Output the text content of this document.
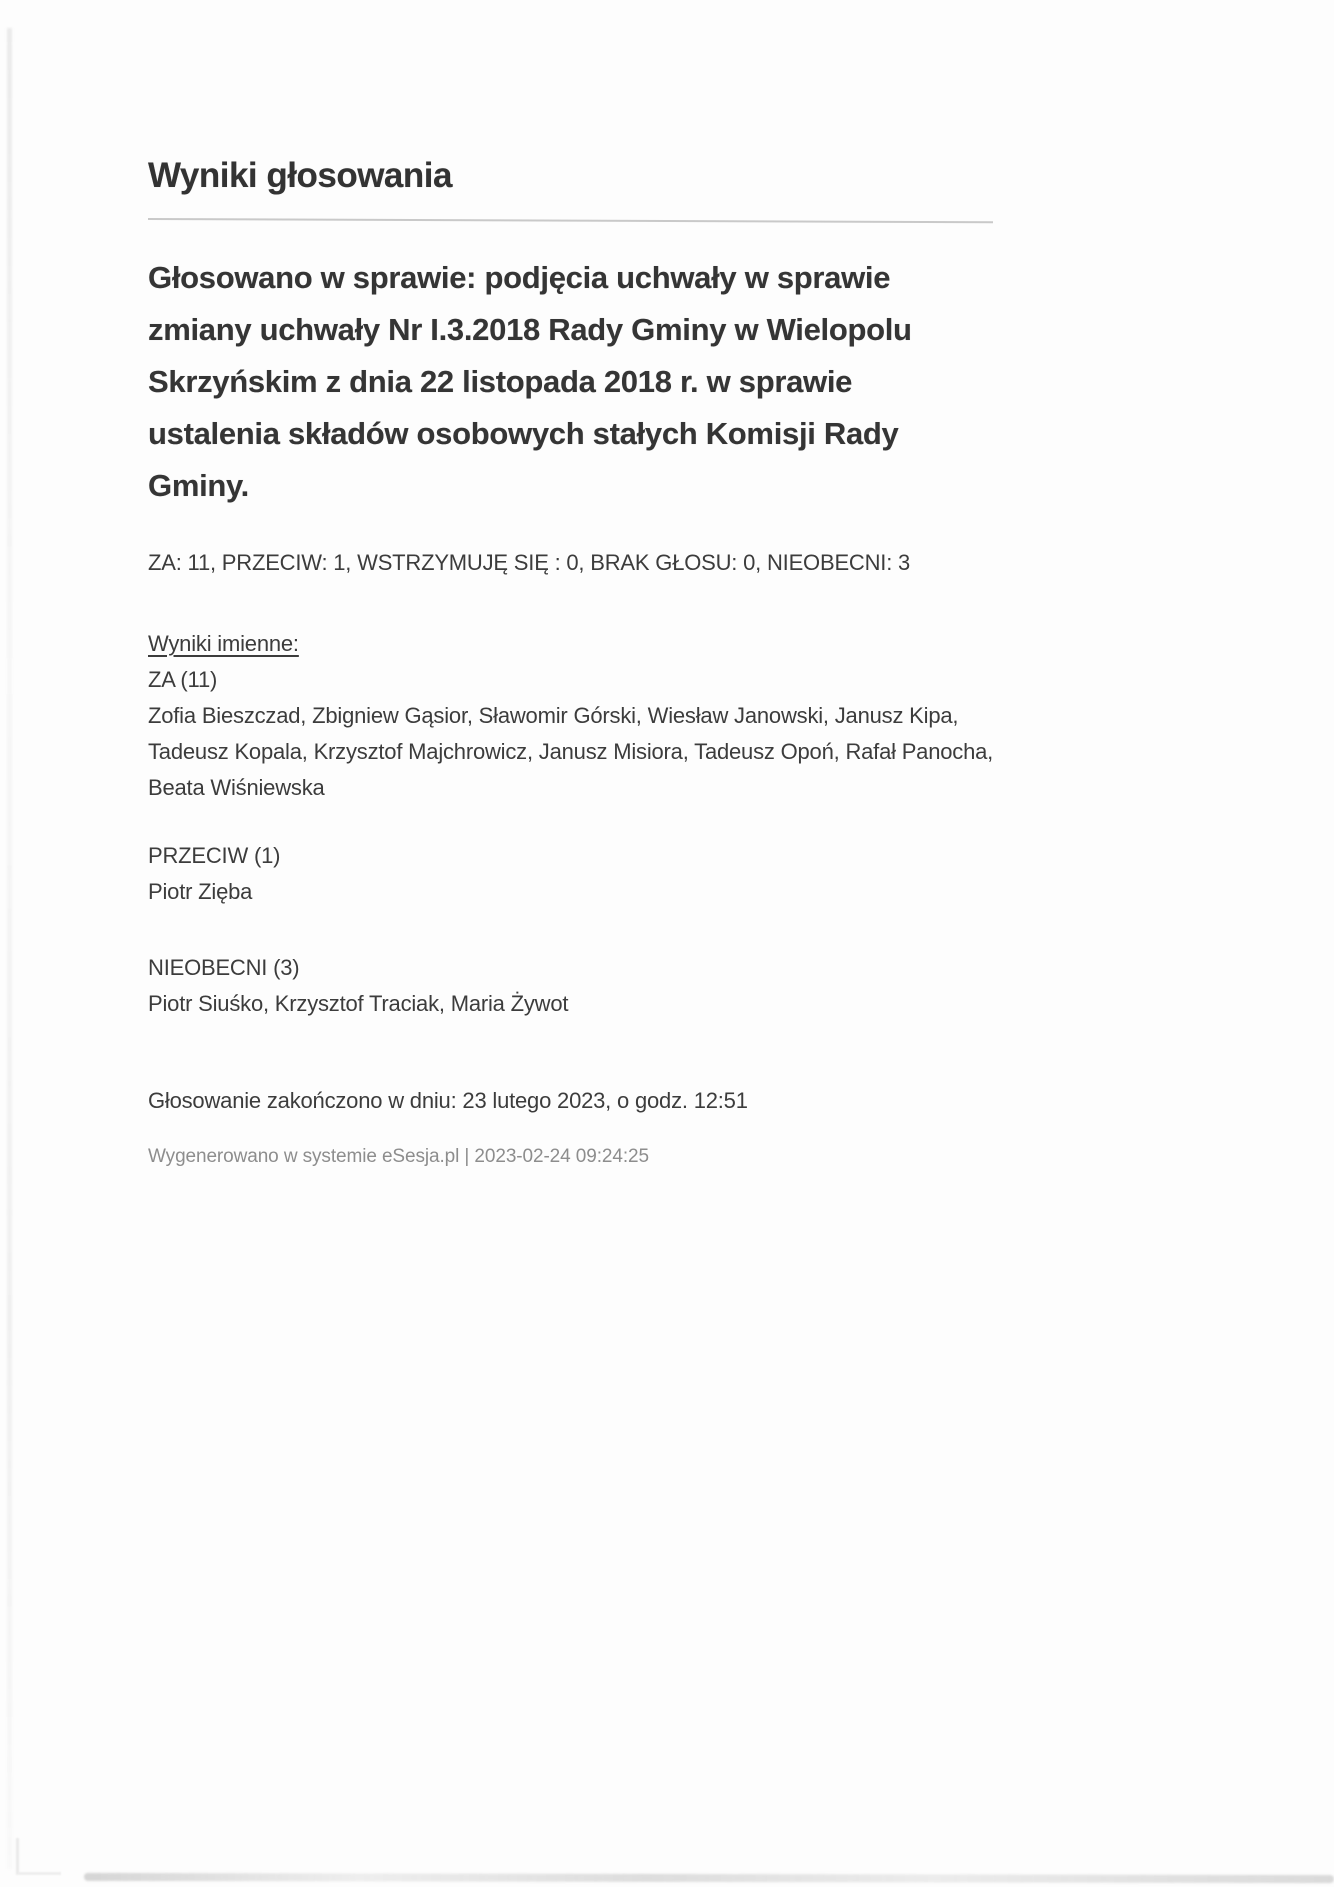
Wyniki głosowania
Głosowano w sprawie: podjęcia uchwały w sprawie
zmiany uchwały Nr I.3.2018 Rady Gminy w Wielopolu
Skrzyńskim z dnia 22 listopada 2018 r. w sprawie
ustalenia składów osobowych stałych Komisji Rady
Gminy.
ZA: 11, PRZECIW: 1, WSTRZYMUJĘ SIĘ : 0, BRAK GŁOSU: 0, NIEOBECNI: 3
Wyniki imienne:
ZA (11)
Zofia Bieszczad, Zbigniew Gąsior, Sławomir Górski, Wiesław Janowski, Janusz Kipa,
Tadeusz Kopala, Krzysztof Majchrowicz, Janusz Misiora, Tadeusz Opoń, Rafał Panocha,
Beata Wiśniewska
PRZECIW (1)
Piotr Zięba
NIEOBECNI (3)
Piotr Siuśko, Krzysztof Traciak, Maria Żywot
Głosowanie zakończono w dniu: 23 lutego 2023, o godz. 12:51
Wygenerowano w systemie eSesja.pl | 2023-02-24 09:24:25
